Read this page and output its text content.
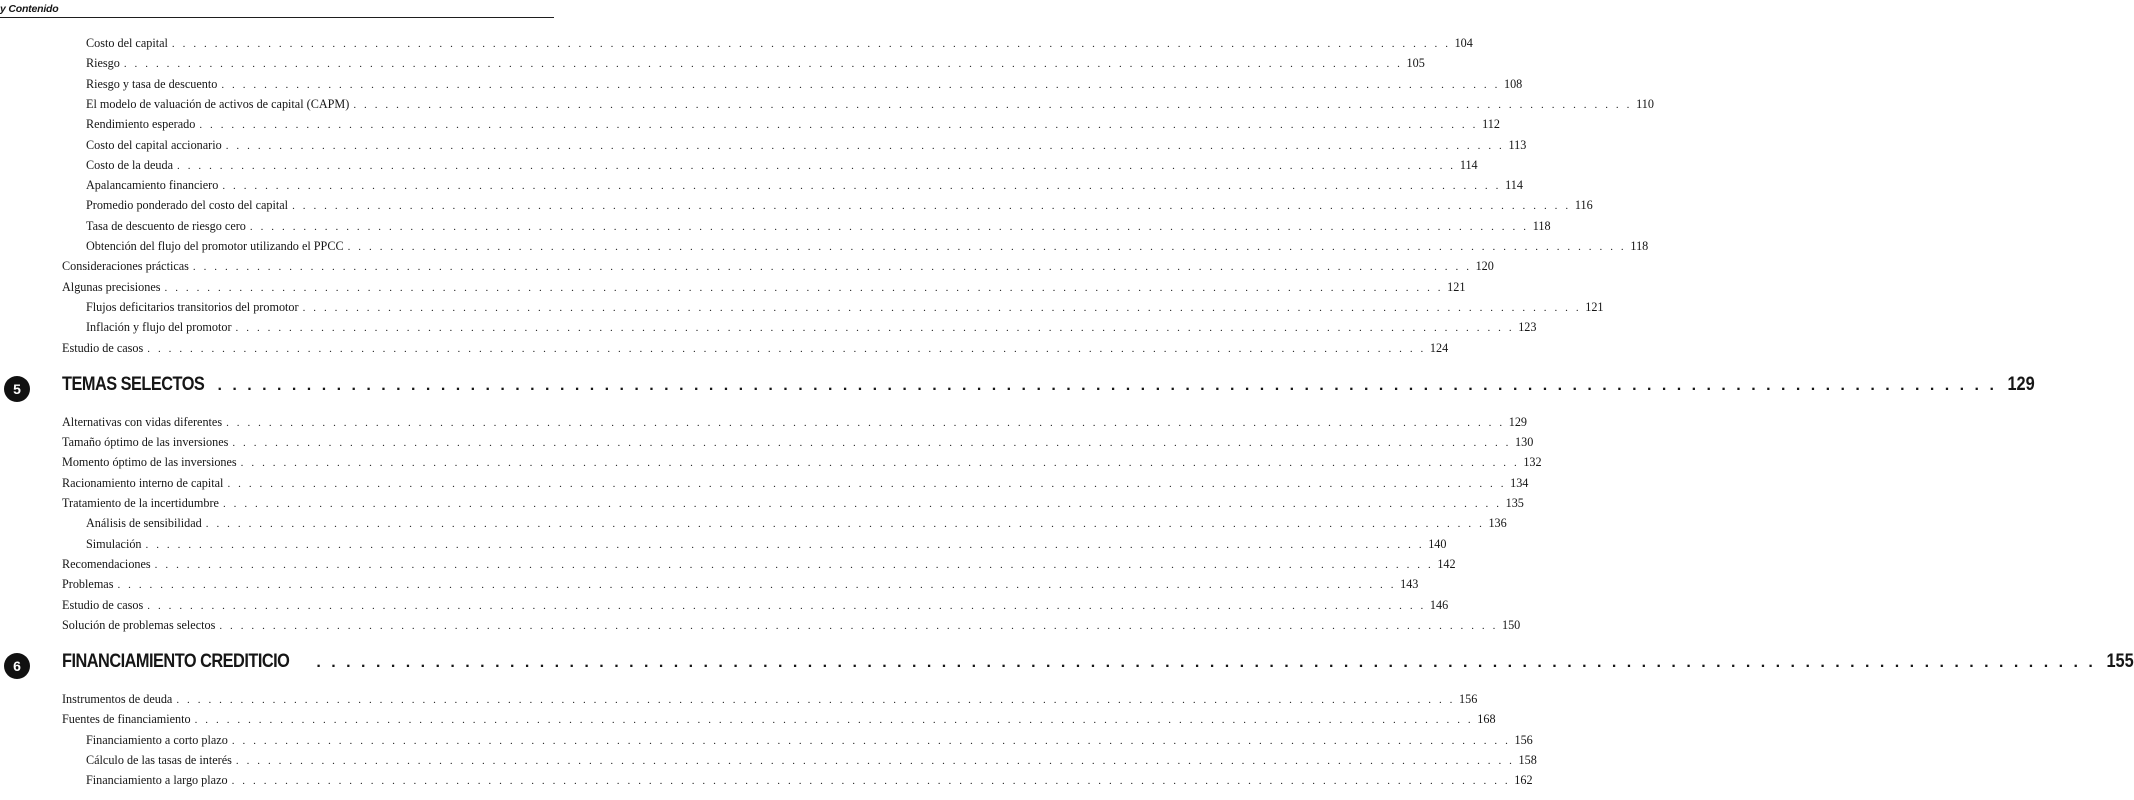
y Contenido
Costo del capital . . . . . . . . . . . . . . . . . . . . . . . . . . . . . . . . . . . . . . . . . . . . . . . . . . . . . . . . . . . . . . . . . . . . . . . . . . . . . . . . . . . . . . . . . . . . . . . . . . . . . . . . . . . . . . . . . . . . . . . . 104
Riesgo . . . . . . . . . . . . . . . . . . . . . . . . . . . . . . . . . . . . . . . . . . . . . . . . . . . . . . . . . . . . . . . . . . . . . . . . . . . . . . . . . . . . . . . . . . . . . . . . . . . . . . . . . . . . . . . . . . . . . . . . 105
Riesgo y tasa de descuento . . . . . . . . . . . . . . . . . . . . . . . . . . . . . . . . . . . . . . . . . . . . . . . . . . . . . . . . . . . . . . . . . . . . . . . . . . . . . . . . . . . . . . . . . . . . . . . . . . . . . . . . . . . . . . . . . . . . . . . . 108
El modelo de valuación de activos de capital (CAPM) . . . . . . . . . . . . . . . . . . . . . . . . . . . . . . . . . . . . . . . . . . . . . . . . . . . . . . . . . . . . . . . . . . . . . . . . . . . . . . . . . . . . . . . . . . . . . . . . . . . . . . . . . . . . . . . . . . . . . . . . 110
Rendimiento esperado . . . . . . . . . . . . . . . . . . . . . . . . . . . . . . . . . . . . . . . . . . . . . . . . . . . . . . . . . . . . . . . . . . . . . . . . . . . . . . . . . . . . . . . . . . . . . . . . . . . . . . . . . . . . . . . . . . . . . . . . 112
Costo del capital accionario . . . . . . . . . . . . . . . . . . . . . . . . . . . . . . . . . . . . . . . . . . . . . . . . . . . . . . . . . . . . . . . . . . . . . . . . . . . . . . . . . . . . . . . . . . . . . . . . . . . . . . . . . . . . . . . . . . . . . . . . 113
Costo de la deuda . . . . . . . . . . . . . . . . . . . . . . . . . . . . . . . . . . . . . . . . . . . . . . . . . . . . . . . . . . . . . . . . . . . . . . . . . . . . . . . . . . . . . . . . . . . . . . . . . . . . . . . . . . . . . . . . . . . . . . . . 114
Apalancamiento financiero . . . . . . . . . . . . . . . . . . . . . . . . . . . . . . . . . . . . . . . . . . . . . . . . . . . . . . . . . . . . . . . . . . . . . . . . . . . . . . . . . . . . . . . . . . . . . . . . . . . . . . . . . . . . . . . . . . . . . . . . 114
Promedio ponderado del costo del capital . . . . . . . . . . . . . . . . . . . . . . . . . . . . . . . . . . . . . . . . . . . . . . . . . . . . . . . . . . . . . . . . . . . . . . . . . . . . . . . . . . . . . . . . . . . . . . . . . . . . . . . . . . . . . . . . . . . . . . . . 116
Tasa de descuento de riesgo cero . . . . . . . . . . . . . . . . . . . . . . . . . . . . . . . . . . . . . . . . . . . . . . . . . . . . . . . . . . . . . . . . . . . . . . . . . . . . . . . . . . . . . . . . . . . . . . . . . . . . . . . . . . . . . . . . . . . . . . . . 118
Obtención del flujo del promotor utilizando el PPCC . . . . . . . . . . . . . . . . . . . . . . . . . . . . . . . . . . . . . . . . . . . . . . . . . . . . . . . . . . . . . . . . . . . . . . . . . . . . . . . . . . . . . . . . . . . . . . . . . . . . . . . . . . . . . . . . . . . . . . . . 118
Consideraciones prácticas . . . . . . . . . . . . . . . . . . . . . . . . . . . . . . . . . . . . . . . . . . . . . . . . . . . . . . . . . . . . . . . . . . . . . . . . . . . . . . . . . . . . . . . . . . . . . . . . . . . . . . . . . . . . . . . . . . . . . . . . 120
Algunas precisiones . . . . . . . . . . . . . . . . . . . . . . . . . . . . . . . . . . . . . . . . . . . . . . . . . . . . . . . . . . . . . . . . . . . . . . . . . . . . . . . . . . . . . . . . . . . . . . . . . . . . . . . . . . . . . . . . . . . . . . . . 121
Flujos deficitarios transitorios del promotor . . . . . . . . . . . . . . . . . . . . . . . . . . . . . . . . . . . . . . . . . . . . . . . . . . . . . . . . . . . . . . . . . . . . . . . . . . . . . . . . . . . . . . . . . . . . . . . . . . . . . . . . . . . . . . . . . . . . . . . . 121
Inflación y flujo del promotor . . . . . . . . . . . . . . . . . . . . . . . . . . . . . . . . . . . . . . . . . . . . . . . . . . . . . . . . . . . . . . . . . . . . . . . . . . . . . . . . . . . . . . . . . . . . . . . . . . . . . . . . . . . . . . . . . . . . . . . . 123
Estudio de casos . . . . . . . . . . . . . . . . . . . . . . . . . . . . . . . . . . . . . . . . . . . . . . . . . . . . . . . . . . . . . . . . . . . . . . . . . . . . . . . . . . . . . . . . . . . . . . . . . . . . . . . . . . . . . . . . . . . . . . . . 124
5	TEMAS SELECTOS . . . . . . . . . . . . . . . . . . . . . . . . . . . . . . . . . . . . . . . . . . . . . . . . . . . . . . . . . . . . . . . . . . . . . . . . . . . . . . . . . . . . . . . . . . . . . . . . . . . . . . . . . . . . . . . . . . . . . . . . 129
Alternativas con vidas diferentes . . . . . . . . . . . . . . . . . . . . . . . . . . . . . . . . . . . . . . . . . . . . . . . . . . . . . . . . . . . . . . . . . . . . . . . . . . . . . . . . . . . . . . . . . . . . . . . . . . . . . . . . . . . . . . . . . . . . . . . . 129
Tamaño óptimo de las inversiones . . . . . . . . . . . . . . . . . . . . . . . . . . . . . . . . . . . . . . . . . . . . . . . . . . . . . . . . . . . . . . . . . . . . . . . . . . . . . . . . . . . . . . . . . . . . . . . . . . . . . . . . . . . . . . . . . . . . . . . . 130
Momento óptimo de las inversiones . . . . . . . . . . . . . . . . . . . . . . . . . . . . . . . . . . . . . . . . . . . . . . . . . . . . . . . . . . . . . . . . . . . . . . . . . . . . . . . . . . . . . . . . . . . . . . . . . . . . . . . . . . . . . . . . . . . . . . . . 132
Racionamiento interno de capital . . . . . . . . . . . . . . . . . . . . . . . . . . . . . . . . . . . . . . . . . . . . . . . . . . . . . . . . . . . . . . . . . . . . . . . . . . . . . . . . . . . . . . . . . . . . . . . . . . . . . . . . . . . . . . . . . . . . . . . . 134
Tratamiento de la incertidumbre . . . . . . . . . . . . . . . . . . . . . . . . . . . . . . . . . . . . . . . . . . . . . . . . . . . . . . . . . . . . . . . . . . . . . . . . . . . . . . . . . . . . . . . . . . . . . . . . . . . . . . . . . . . . . . . . . . . . . . . . 135
Análisis de sensibilidad . . . . . . . . . . . . . . . . . . . . . . . . . . . . . . . . . . . . . . . . . . . . . . . . . . . . . . . . . . . . . . . . . . . . . . . . . . . . . . . . . . . . . . . . . . . . . . . . . . . . . . . . . . . . . . . . . . . . . . . . 136
Simulación . . . . . . . . . . . . . . . . . . . . . . . . . . . . . . . . . . . . . . . . . . . . . . . . . . . . . . . . . . . . . . . . . . . . . . . . . . . . . . . . . . . . . . . . . . . . . . . . . . . . . . . . . . . . . . . . . . . . . . . . 140
Recomendaciones . . . . . . . . . . . . . . . . . . . . . . . . . . . . . . . . . . . . . . . . . . . . . . . . . . . . . . . . . . . . . . . . . . . . . . . . . . . . . . . . . . . . . . . . . . . . . . . . . . . . . . . . . . . . . . . . . . . . . . . . 142
Problemas . . . . . . . . . . . . . . . . . . . . . . . . . . . . . . . . . . . . . . . . . . . . . . . . . . . . . . . . . . . . . . . . . . . . . . . . . . . . . . . . . . . . . . . . . . . . . . . . . . . . . . . . . . . . . . . . . . . . . . . . 143
Estudio de casos . . . . . . . . . . . . . . . . . . . . . . . . . . . . . . . . . . . . . . . . . . . . . . . . . . . . . . . . . . . . . . . . . . . . . . . . . . . . . . . . . . . . . . . . . . . . . . . . . . . . . . . . . . . . . . . . . . . . . . . . 146
Solución de problemas selectos . . . . . . . . . . . . . . . . . . . . . . . . . . . . . . . . . . . . . . . . . . . . . . . . . . . . . . . . . . . . . . . . . . . . . . . . . . . . . . . . . . . . . . . . . . . . . . . . . . . . . . . . . . . . . . . . . . . . . . . . 150
6	FINANCIAMIENTO CREDITICIO	. . . . . . . . . . . . . . . . . . . . . . . . . . . . . . . . . . . . . . . . . . . . . . . . . . . . . . . . . . . . . . . . . . . . . . . . . . . . . . . . . . . . . . . . . . . . . . . . . . . . . . . . . . . . . . . . . . . . . . . . 155
Instrumentos de deuda . . . . . . . . . . . . . . . . . . . . . . . . . . . . . . . . . . . . . . . . . . . . . . . . . . . . . . . . . . . . . . . . . . . . . . . . . . . . . . . . . . . . . . . . . . . . . . . . . . . . . . . . . . . . . . . . . . . . . . . . 156
Fuentes de financiamiento . . . . . . . . . . . . . . . . . . . . . . . . . . . . . . . . . . . . . . . . . . . . . . . . . . . . . . . . . . . . . . . . . . . . . . . . . . . . . . . . . . . . . . . . . . . . . . . . . . . . . . . . . . . . . . . . . . . . . . . . 168
Financiamiento a corto plazo . . . . . . . . . . . . . . . . . . . . . . . . . . . . . . . . . . . . . . . . . . . . . . . . . . . . . . . . . . . . . . . . . . . . . . . . . . . . . . . . . . . . . . . . . . . . . . . . . . . . . . . . . . . . . . . . . . . . . . . . 156
Cálculo de las tasas de interés . . . . . . . . . . . . . . . . . . . . . . . . . . . . . . . . . . . . . . . . . . . . . . . . . . . . . . . . . . . . . . . . . . . . . . . . . . . . . . . . . . . . . . . . . . . . . . . . . . . . . . . . . . . . . . . . . . . . . . . . 158
Financiamiento a largo plazo . . . . . . . . . . . . . . . . . . . . . . . . . . . . . . . . . . . . . . . . . . . . . . . . . . . . . . . . . . . . . . . . . . . . . . . . . . . . . . . . . . . . . . . . . . . . . . . . . . . . . . . . . . . . . . . . . . . . . . . . 162
